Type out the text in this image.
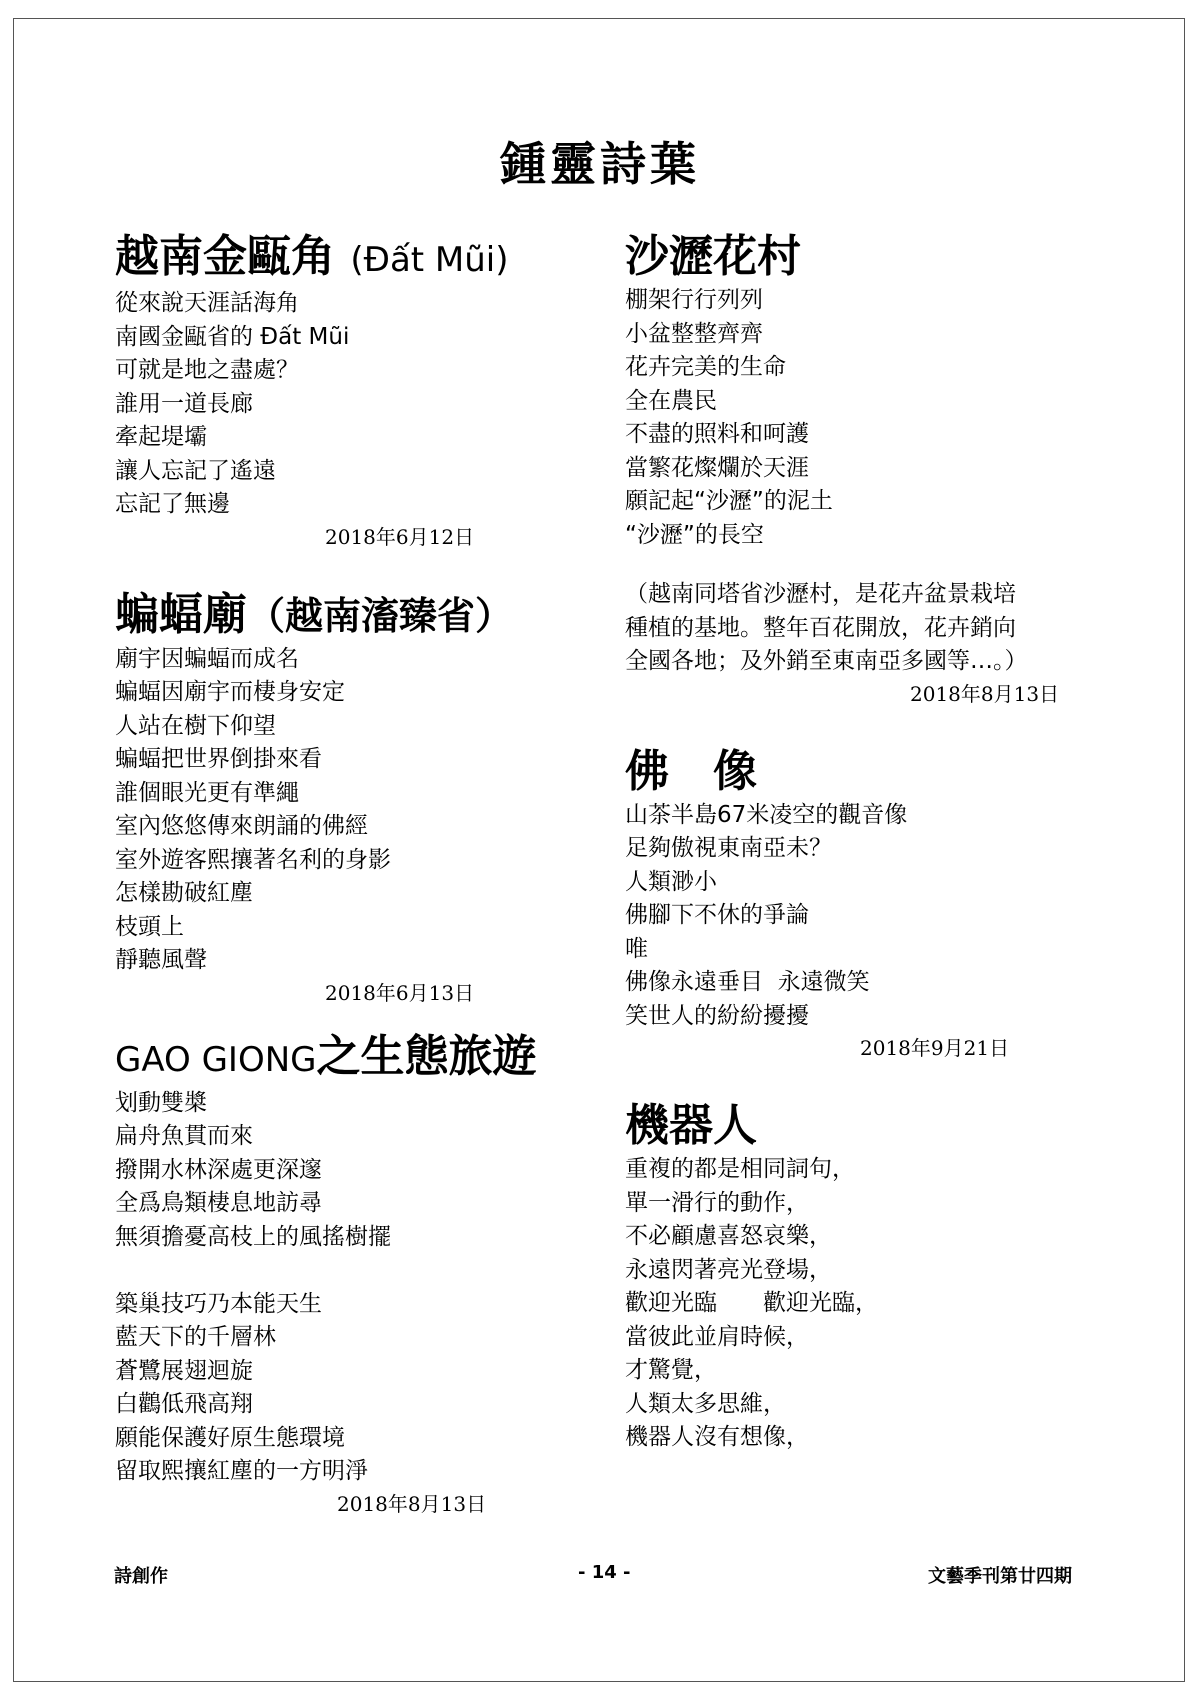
鍾靈詩葉
越南金甌角 (Đất Mũi)
從來說天涯話海角
南國金甌省的 Đất Mũi
可就是地之盡處？
誰用一道長廊
牽起堤壩
讓人忘記了遙遠
忘記了無邊
2018年6月12日
蝙蝠廟（越南滀臻省）
廟宇因蝙蝠而成名
蝙蝠因廟宇而棲身安定
人站在樹下仰望
蝙蝠把世界倒掛來看
誰個眼光更有準繩
室內悠悠傳來朗誦的佛經
室外遊客熙攘著名利的身影
怎樣勘破紅塵
枝頭上
靜聽風聲
2018年6月13日
GAO GIONG之生態旅遊
划動雙槳
扁舟魚貫而來
撥開水林深處更深邃
全爲鳥類棲息地訪尋
無須擔憂高枝上的風搖樹擺
築巢技巧乃本能天生
藍天下的千層林
蒼鷺展翅迴旋
白鸛低飛高翔
願能保護好原生態環境
留取熙攘紅塵的一方明淨
2018年8月13日
沙瀝花村
棚架行行列列
小盆整整齊齊
花卉完美的生命
全在農民
不盡的照料和呵護
當繁花燦爛於天涯
願記起“沙瀝”的泥土
“沙瀝”的長空
（越南同塔省沙瀝村，是花卉盆景栽培
種植的基地。整年百花開放，花卉銷向
全國各地；及外銷至東南亞多國等…。）
2018年8月13日
佛　像
山茶半島67米凌空的觀音像
足夠傲視東南亞未？
人類渺小
佛腳下不休的爭論
唯
佛像永遠垂目  永遠微笑
笑世人的紛紛擾擾
2018年9月21日
機器人
重複的都是相同詞句，
單一滑行的動作，
不必顧慮喜怒哀樂，
永遠閃著亮光登場，
歡迎光臨　　歡迎光臨，
當彼此並肩時候，
才驚覺，
人類太多思維，
機器人沒有想像，
詩創作	- 14 -	文藝季刊第廿四期
